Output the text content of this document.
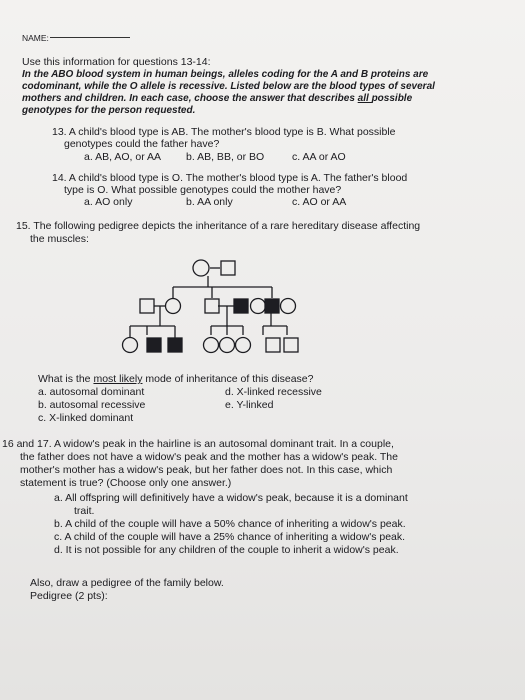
NAME:
Use this information for questions 13-14:
In the ABO blood system in human beings, alleles coding for the A and B proteins are
codominant, while the O allele is recessive. Listed below are the blood types of several
mothers and children. In each case, choose the answer that describes all possible
genotypes for the person requested.
13. A child's blood type is AB. The mother's blood type is B. What possible
genotypes could the father have?
a. AB, AO, or AA b. AB, BB, or BO	c. AA or AO
14. A child's blood type is O. The mother's blood type is A. The father's blood
type is O. What possible genotypes could the mother have?
a. AO only	b. AA only	c. AO or AA
15. The following pedigree depicts the inheritance of a rare hereditary disease affecting
the muscles:
What is the most likely mode of inheritance of this disease?
a. autosomal dominant
b. autosomal recessive
c. X-linked dominant
d. X-linked recessive
e. Y-linked
16 and 17. A widow's peak in the hairline is an autosomal dominant trait. In a couple,
the father does not have a widow's peak and the mother has a widow's peak. The
mother's mother has a widow's peak, but her father does not. In this case, which
statement is true? (Choose only one answer.)
a. All offspring will definitively have a widow's peak, because it is a dominant
trait.
b. A child of the couple will have a 50% chance of inheriting a widow's peak.
c. A child of the couple will have a 25% chance of inheriting a widow's peak.
d. It is not possible for any children of the couple to inherit a widow's peak.
Also, draw a pedigree of the family below.
Pedigree (2 pts):
